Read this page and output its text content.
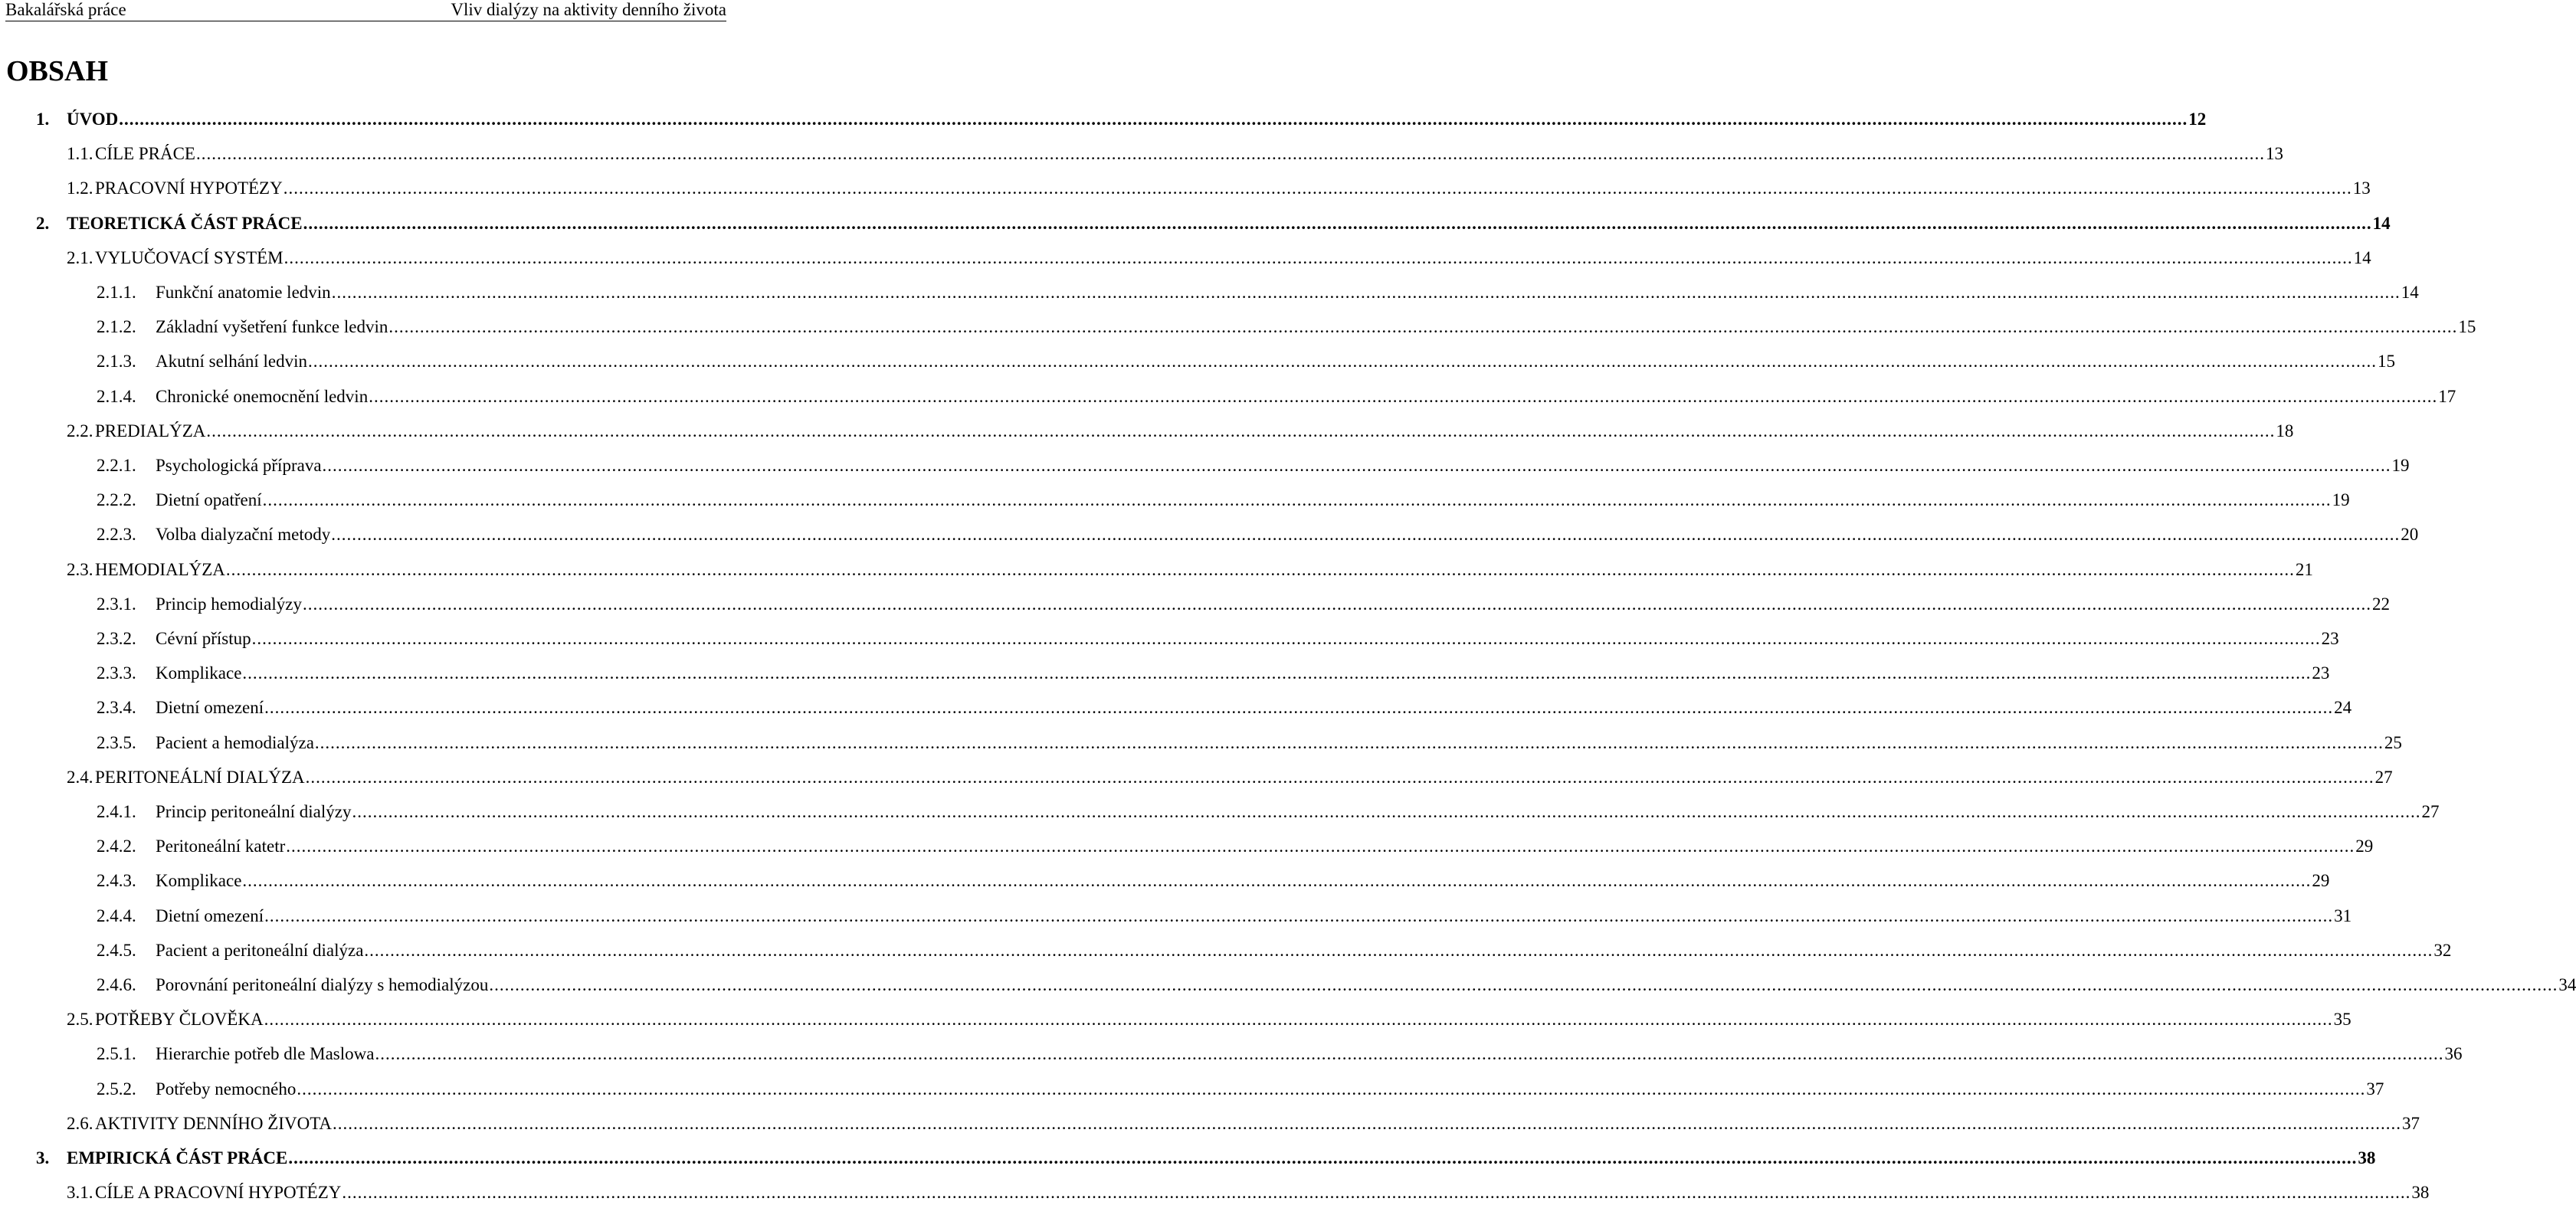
Bakalářská práce	Vliv dialýzy na aktivity denního života
OBSAH
1. ÚVOD ................................................................................................................................................................................................................................................................................................................................................................................................................ 12
1.1. CÍLE PRÁCE ................................................................................................................................................................................................................................................................................................................................................................................................................ 13
1.2. PRACOVNÍ HYPOTÉZY ................................................................................................................................................................................................................................................................................................................................................................................................................ 13
2. TEORETICKÁ ČÁST PRÁCE ................................................................................................................................................................................................................................................................................................................................................................................................................ 14
2.1. VYLUČOVACÍ SYSTÉM ................................................................................................................................................................................................................................................................................................................................................................................................................ 14
2.1.1. Funkční anatomie ledvin ................................................................................................................................................................................................................................................................................................................................................................................................................ 14
2.1.2. Základní vyšetření funkce ledvin ................................................................................................................................................................................................................................................................................................................................................................................................................ 15
2.1.3. Akutní selhání ledvin ................................................................................................................................................................................................................................................................................................................................................................................................................ 15
2.1.4. Chronické onemocnění ledvin ................................................................................................................................................................................................................................................................................................................................................................................................................ 17
2.2. PREDIALÝZA ................................................................................................................................................................................................................................................................................................................................................................................................................ 18
2.2.1. Psychologická příprava ................................................................................................................................................................................................................................................................................................................................................................................................................ 19
2.2.2. Dietní opatření ................................................................................................................................................................................................................................................................................................................................................................................................................ 19
2.2.3. Volba dialyzační metody ................................................................................................................................................................................................................................................................................................................................................................................................................ 20
2.3. HEMODIALÝZA ................................................................................................................................................................................................................................................................................................................................................................................................................ 21
2.3.1. Princip hemodialýzy ................................................................................................................................................................................................................................................................................................................................................................................................................ 22
2.3.2. Cévní přístup ................................................................................................................................................................................................................................................................................................................................................................................................................ 23
2.3.3. Komplikace ................................................................................................................................................................................................................................................................................................................................................................................................................ 23
2.3.4. Dietní omezení ................................................................................................................................................................................................................................................................................................................................................................................................................ 24
2.3.5. Pacient a hemodialýza ................................................................................................................................................................................................................................................................................................................................................................................................................ 25
2.4. PERITONEÁLNÍ DIALÝZA ................................................................................................................................................................................................................................................................................................................................................................................................................ 27
2.4.1. Princip peritoneální dialýzy ................................................................................................................................................................................................................................................................................................................................................................................................................ 27
2.4.2. Peritoneální katetr ................................................................................................................................................................................................................................................................................................................................................................................................................ 29
2.4.3. Komplikace ................................................................................................................................................................................................................................................................................................................................................................................................................ 29
2.4.4. Dietní omezení ................................................................................................................................................................................................................................................................................................................................................................................................................ 31
2.4.5. Pacient a peritoneální dialýza ................................................................................................................................................................................................................................................................................................................................................................................................................ 32
2.4.6. Porovnání peritoneální dialýzy s hemodialýzou ................................................................................................................................................................................................................................................................................................................................................................................................................ 34
2.5. POTŘEBY ČLOVĚKA ................................................................................................................................................................................................................................................................................................................................................................................................................ 35
2.5.1. Hierarchie potřeb dle Maslowa ................................................................................................................................................................................................................................................................................................................................................................................................................ 36
2.5.2. Potřeby nemocného ................................................................................................................................................................................................................................................................................................................................................................................................................ 37
2.6. AKTIVITY DENNÍHO ŽIVOTA ................................................................................................................................................................................................................................................................................................................................................................................................................ 37
3. EMPIRICKÁ ČÁST PRÁCE ................................................................................................................................................................................................................................................................................................................................................................................................................ 38
3.1. CÍLE A PRACOVNÍ HYPOTÉZY ................................................................................................................................................................................................................................................................................................................................................................................................................ 38
